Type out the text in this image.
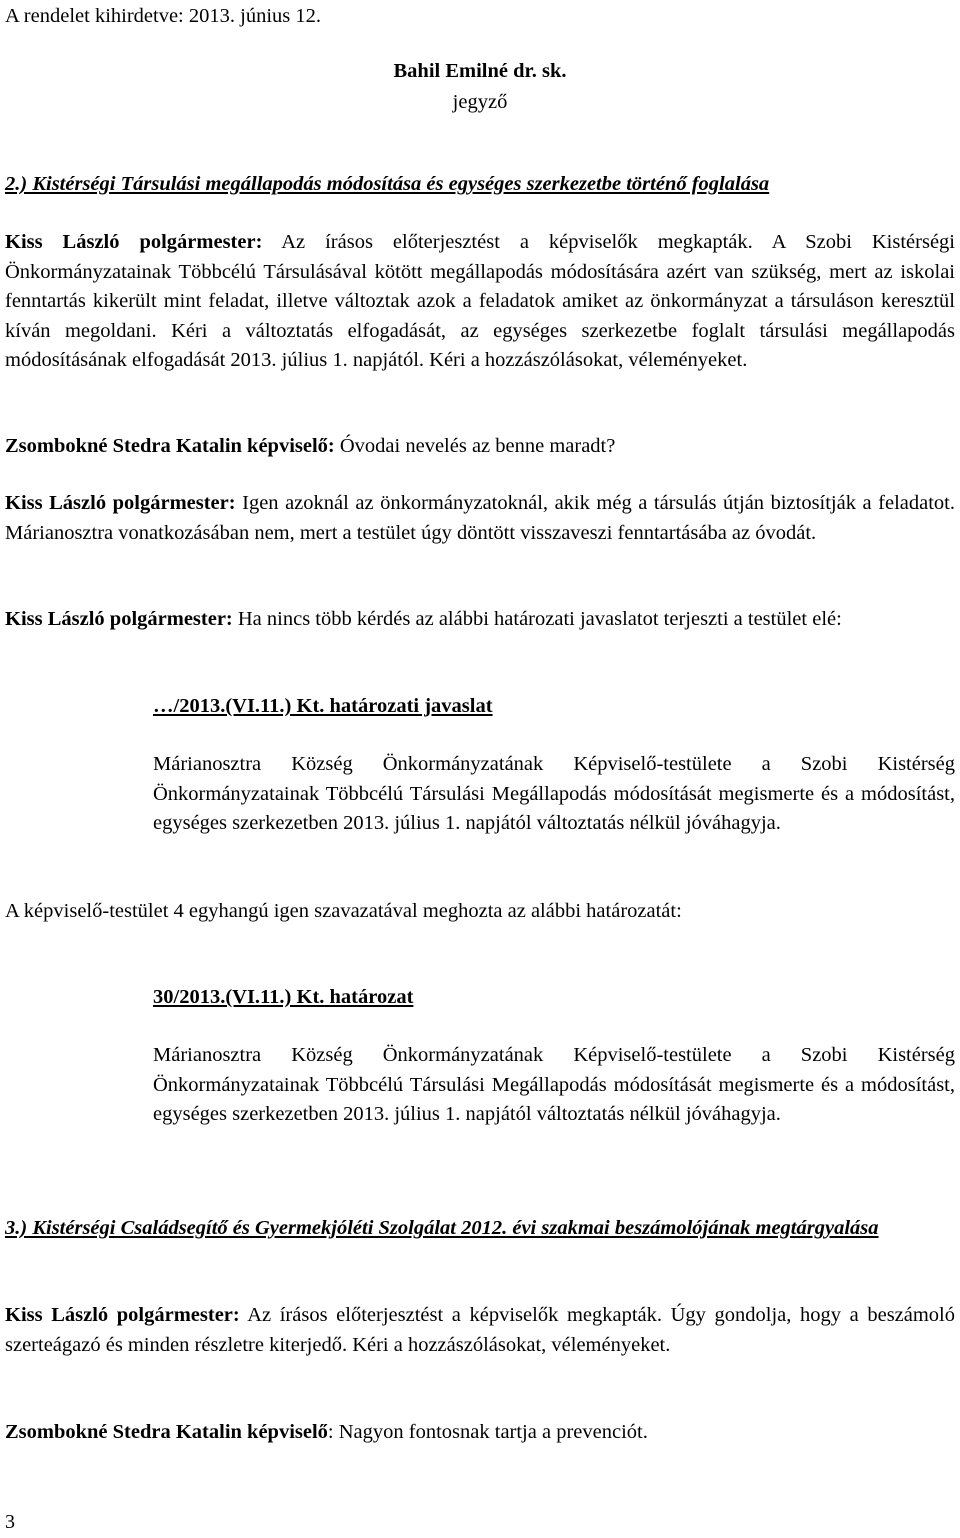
A rendelet kihirdetve: 2013. június 12.
Bahil Emilné dr. sk.
jegyző
2.) Kistérségi Társulási megállapodás módosítása és egységes szerkezetbe történő foglalása
Kiss László polgármester: Az írásos előterjesztést a képviselők megkapták. A Szobi Kistérségi Önkormányzatainak Többcélú Társulásával kötött megállapodás módosítására azért van szükség, mert az iskolai fenntartás kikerült mint feladat, illetve változtak azok a feladatok amiket az önkormányzat a társuláson keresztül kíván megoldani. Kéri a változtatás elfogadását, az egységes szerkezetbe foglalt társulási megállapodás módosításának elfogadását 2013. július 1. napjától. Kéri a hozzászólásokat, véleményeket.
Zsombokné Stedra Katalin képviselő: Óvodai nevelés az benne maradt?
Kiss László polgármester: Igen azoknál az önkormányzatoknál, akik még a társulás útján biztosítják a feladatot. Márianosztra vonatkozásában nem, mert a testület úgy döntött visszaveszi fenntartásába az óvodát.
Kiss László polgármester: Ha nincs több kérdés az alábbi határozati javaslatot terjeszti a testület elé:
…/2013.(VI.11.) Kt. határozati javaslat
Márianosztra Község Önkormányzatának Képviselő-testülete a Szobi Kistérség Önkormányzatainak Többcélú Társulási Megállapodás módosítását megismerte és a módosítást, egységes szerkezetben 2013. július 1. napjától változtatás nélkül jóváhagyja.
A képviselő-testület 4 egyhangú igen szavazatával meghozta az alábbi határozatát:
30/2013.(VI.11.) Kt. határozat
Márianosztra Község Önkormányzatának Képviselő-testülete a Szobi Kistérség Önkormányzatainak Többcélú Társulási Megállapodás módosítását megismerte és a módosítást, egységes szerkezetben 2013. július 1. napjától változtatás nélkül jóváhagyja.
3.) Kistérségi Családsegítő és Gyermekjóléti Szolgálat 2012. évi szakmai beszámolójának megtárgyalása
Kiss László polgármester: Az írásos előterjesztést a képviselők megkapták. Úgy gondolja, hogy a beszámoló szerteágazó és minden részletre kiterjedő. Kéri a hozzászólásokat, véleményeket.
Zsombokné Stedra Katalin képviselő: Nagyon fontosnak tartja a prevenciót.
3
